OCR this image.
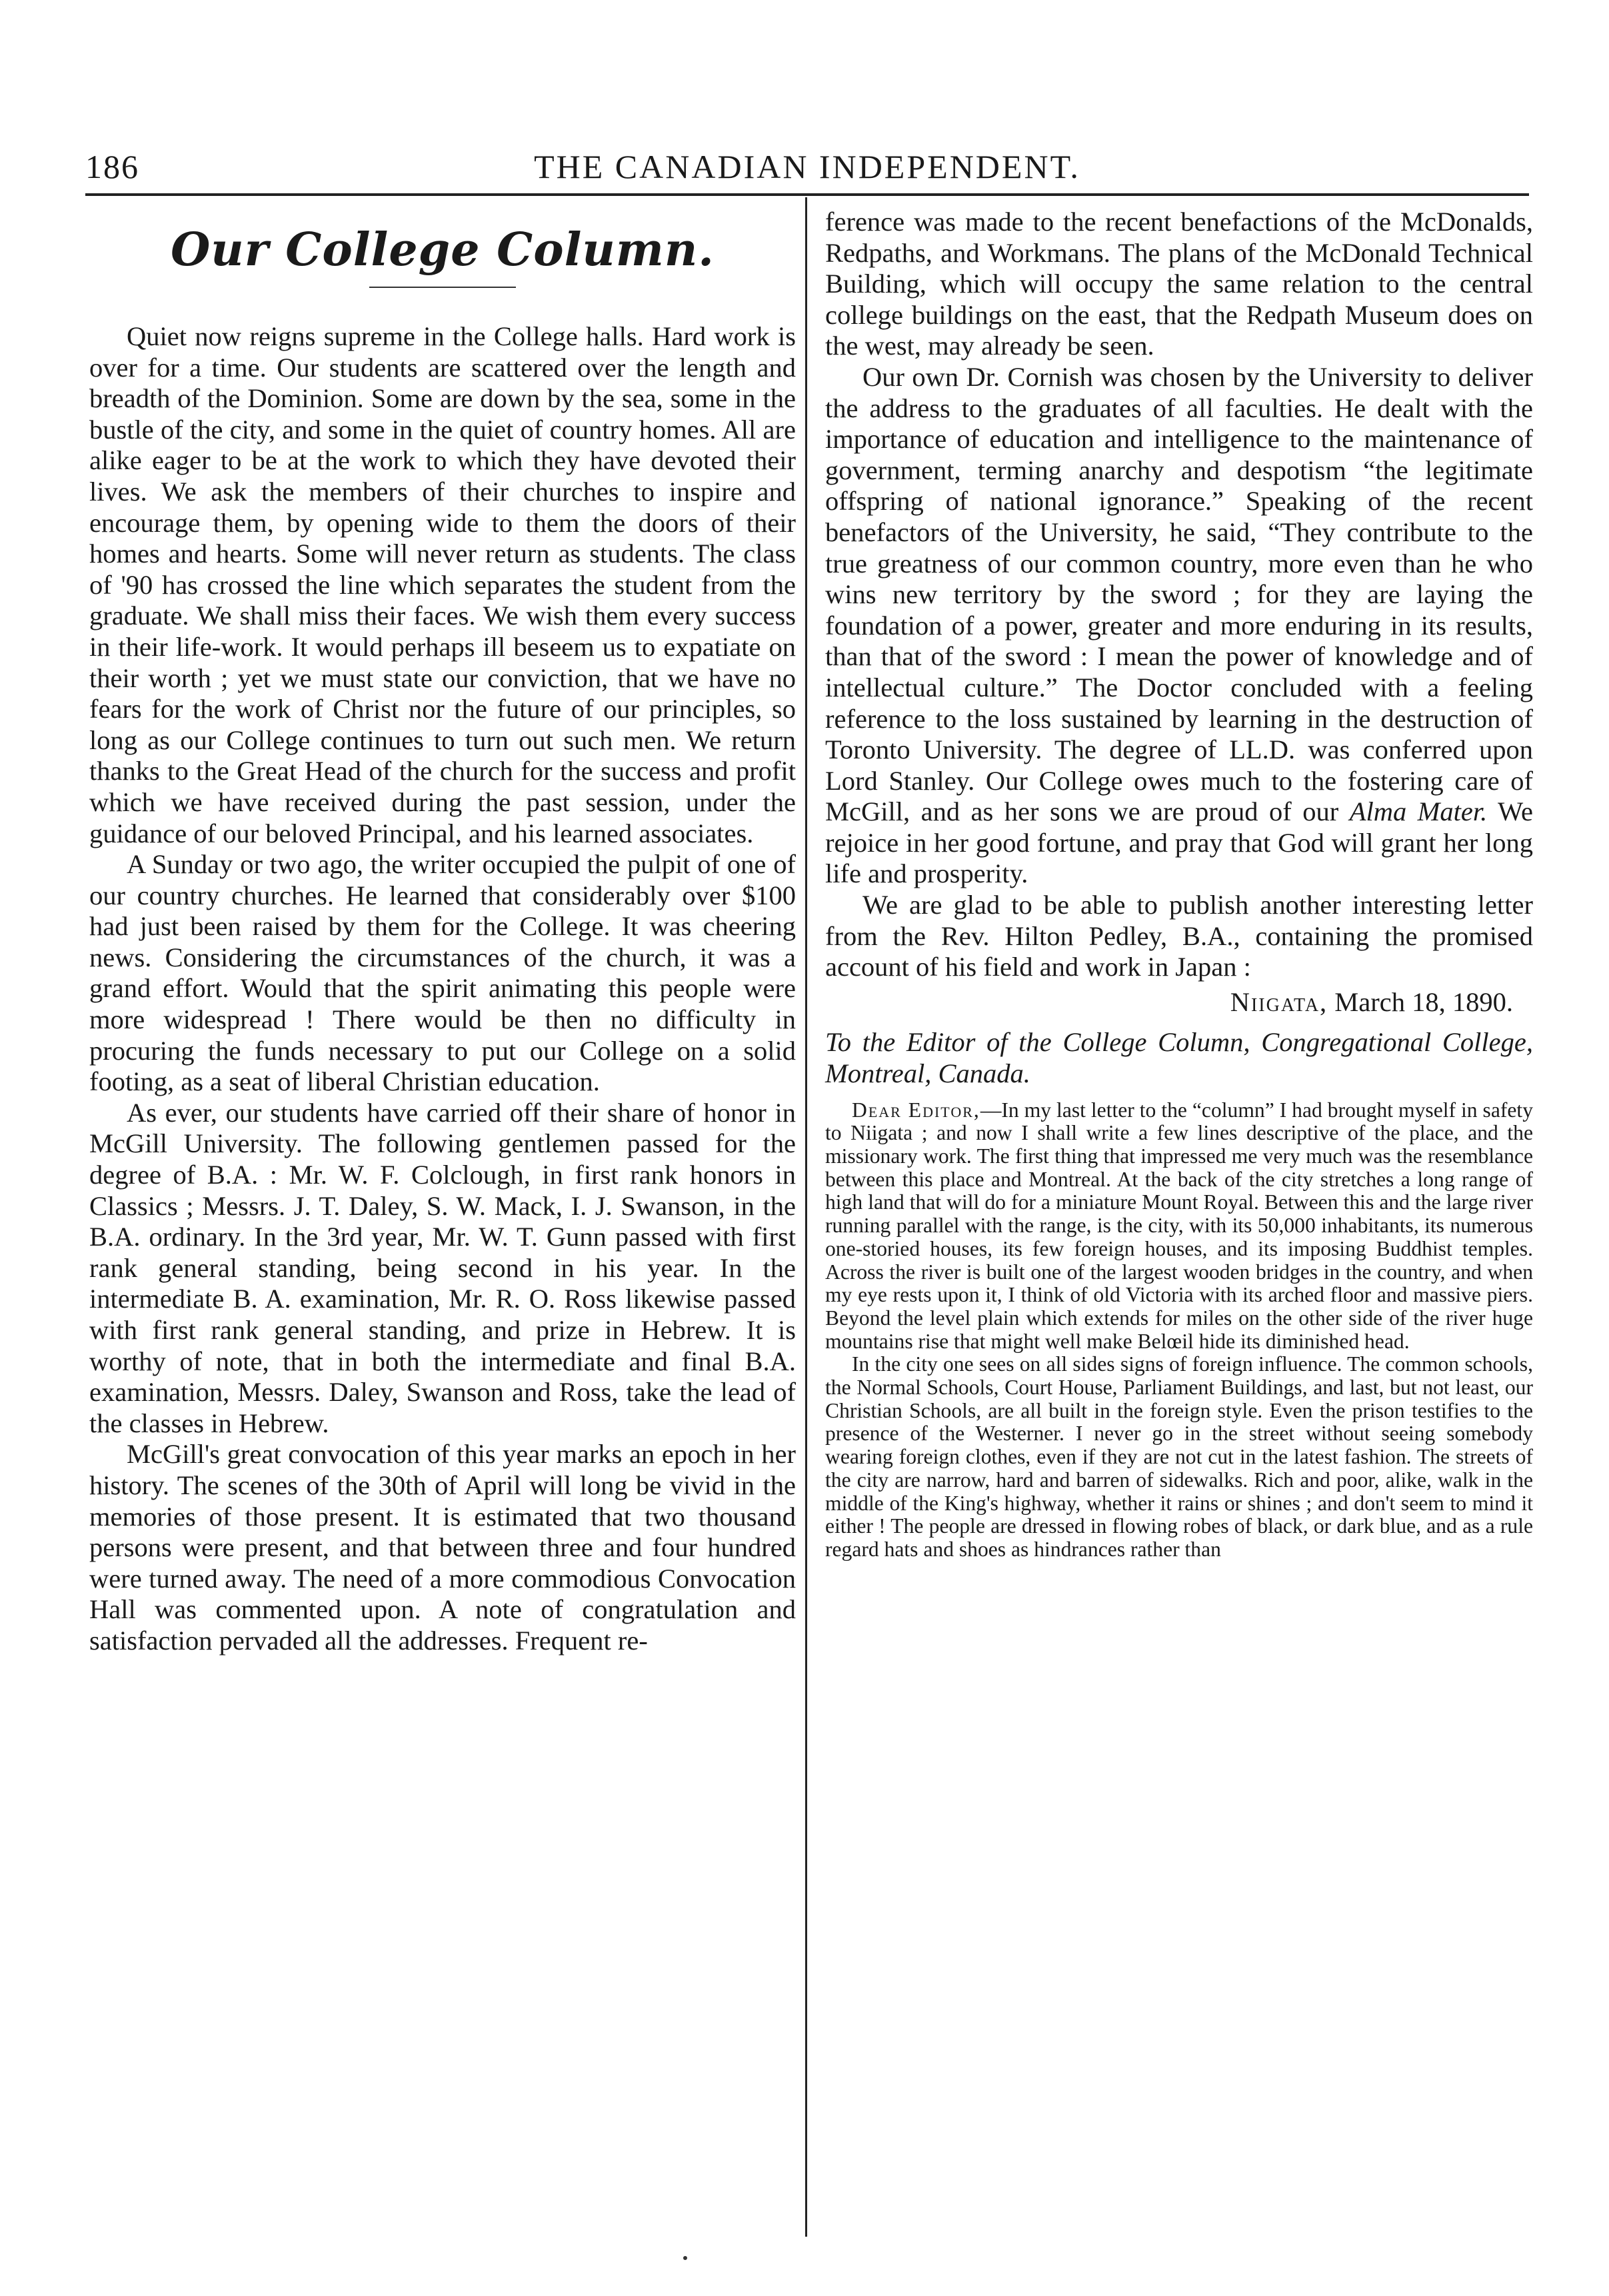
186	THE CANADIAN INDEPENDENT.
Our College Column.

Quiet now reigns supreme in the College halls. Hard work is over for a time. Our students are scattered over the length and breadth of the Dominion. Some are down by the sea, some in the bustle of the city, and some in the quiet of country homes. All are alike eager to be at the work to which they have devoted their lives. We ask the members of their churches to inspire and encourage them, by opening wide to them the doors of their homes and hearts. Some will never return as students. The class of '90 has crossed the line which separates the student from the graduate. We shall miss their faces. We wish them every success in their life-work. It would perhaps ill beseem us to expatiate on their worth ; yet we must state our conviction, that we have no fears for the work of Christ nor the future of our principles, so long as our College continues to turn out such men. We return thanks to the Great Head of the church for the success and profit which we have received during the past session, under the guidance of our beloved Principal, and his learned associates.

A Sunday or two ago, the writer occupied the pulpit of one of our country churches. He learned that considerably over $100 had just been raised by them for the College. It was cheering news. Considering the circumstances of the church, it was a grand effort. Would that the spirit animating this people were more widespread ! There would be then no difficulty in procuring the funds necessary to put our College on a solid footing, as a seat of liberal Christian education.

As ever, our students have carried off their share of honor in McGill University. The following gentlemen passed for the degree of B.A. : Mr. W. F. Colclough, in first rank honors in Classics ; Messrs. J. T. Daley, S. W. Mack, I. J. Swanson, in the B.A. ordinary. In the 3rd year, Mr. W. T. Gunn passed with first rank general standing, being second in his year. In the intermediate B. A. examination, Mr. R. O. Ross likewise passed with first rank general standing, and prize in Hebrew. It is worthy of note, that in both the intermediate and final B.A. examination, Messrs. Daley, Swanson and Ross, take the lead of the classes in Hebrew.

McGill's great convocation of this year marks an epoch in her history. The scenes of the 30th of April will long be vivid in the memories of those present. It is estimated that two thousand persons were present, and that between three and four hundred were turned away. The need of a more commodious Convocation Hall was commented upon. A note of congratulation and satisfaction pervaded all the addresses. Frequent re-

ference was made to the recent benefactions of the McDonalds, Redpaths, and Workmans. The plans of the McDonald Technical Building, which will occupy the same relation to the central college buildings on the east, that the Redpath Museum does on the west, may already be seen.

Our own Dr. Cornish was chosen by the University to deliver the address to the graduates of all faculties. He dealt with the importance of education and intelligence to the maintenance of government, terming anarchy and despotism “the legitimate offspring of national ignorance.” Speaking of the recent benefactors of the University, he said, “They contribute to the true greatness of our common country, more even than he who wins new territory by the sword ; for they are laying the foundation of a power, greater and more enduring in its results, than that of the sword : I mean the power of knowledge and of intellectual culture.” The Doctor concluded with a feeling reference to the loss sustained by learning in the destruction of Toronto University. The degree of LL.D. was conferred upon Lord Stanley. Our College owes much to the fostering care of McGill, and as her sons we are proud of our Alma Mater. We rejoice in her good fortune, and pray that God will grant her long life and prosperity.

We are glad to be able to publish another interesting letter from the Rev. Hilton Pedley, B.A., containing the promised account of his field and work in Japan :

Niigata, March 18, 1890.

To the Editor of the College Column, Congregational College, Montreal, Canada.

Dear Editor,—In my last letter to the “column” I had brought myself in safety to Niigata ; and now I shall write a few lines descriptive of the place, and the missionary work. The first thing that impressed me very much was the resemblance between this place and Montreal. At the back of the city stretches a long range of high land that will do for a miniature Mount Royal. Between this and the large river running parallel with the range, is the city, with its 50,000 inhabitants, its numerous one-storied houses, its few foreign houses, and its imposing Buddhist temples. Across the river is built one of the largest wooden bridges in the country, and when my eye rests upon it, I think of old Victoria with its arched floor and massive piers. Beyond the level plain which extends for miles on the other side of the river huge mountains rise that might well make Belœil hide its diminished head.

In the city one sees on all sides signs of foreign influence. The common schools, the Normal Schools, Court House, Parliament Buildings, and last, but not least, our Christian Schools, are all built in the foreign style. Even the prison testifies to the presence of the Westerner. I never go in the street without seeing somebody wearing foreign clothes, even if they are not cut in the latest fashion. The streets of the city are narrow, hard and barren of sidewalks. Rich and poor, alike, walk in the middle of the King's highway, whether it rains or shines ; and don't seem to mind it either ! The people are dressed in flowing robes of black, or dark blue, and as a rule regard hats and shoes as hindrances rather than
